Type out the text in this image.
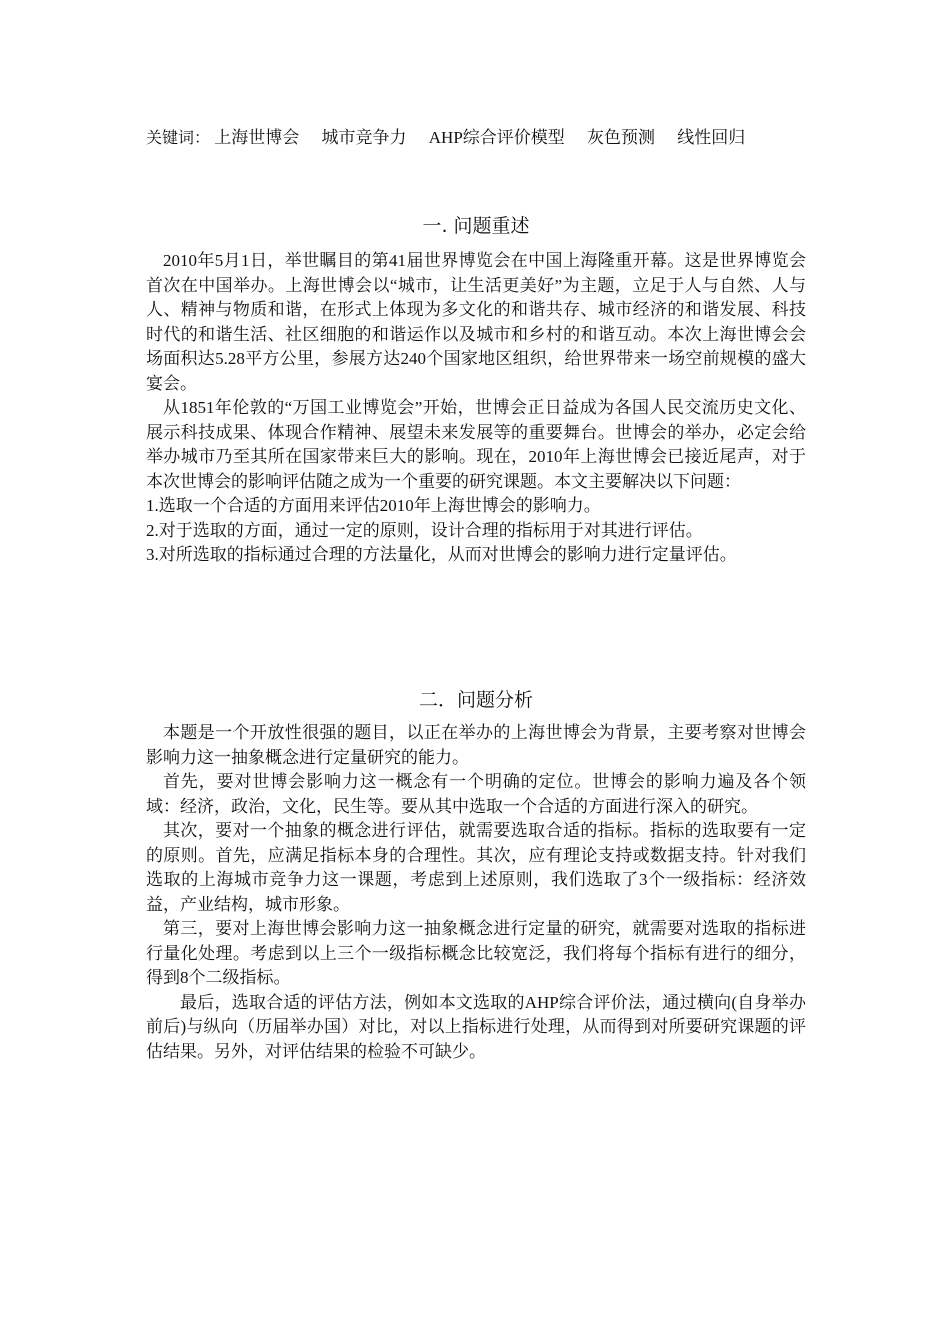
关键词： 上海世博会 城市竞争力 AHP综合评价模型 灰色预测 线性回归
一. 问题重述

2010年5月1日，举世瞩目的第41届世界博览会在中国上海隆重开幕。这是世界博览会首次在中国举办。上海世博会以“城市，让生活更美好”为主题，立足于人与自然、人与人、精神与物质和谐，在形式上体现为多文化的和谐共存、城市经济的和谐发展、科技时代的和谐生活、社区细胞的和谐运作以及城市和乡村的和谐互动。本次上海世博会会场面积达5.28平方公里，参展方达240个国家地区组织，给世界带来一场空前规模的盛大宴会。

从1851年伦敦的“万国工业博览会”开始，世博会正日益成为各国人民交流历史文化、展示科技成果、体现合作精神、展望未来发展等的重要舞台。世博会的举办，必定会给举办城市乃至其所在国家带来巨大的影响。现在，2010年上海世博会已接近尾声，对于本次世博会的影响评估随之成为一个重要的研究课题。本文主要解决以下问题：

1.选取一个合适的方面用来评估2010年上海世博会的影响力。

2.对于选取的方面，通过一定的原则，设计合理的指标用于对其进行评估。

3.对所选取的指标通过合理的方法量化，从而对世博会的影响力进行定量评估。

二．问题分析

本题是一个开放性很强的题目，以正在举办的上海世博会为背景，主要考察对世博会影响力这一抽象概念进行定量研究的能力。

首先，要对世博会影响力这一概念有一个明确的定位。世博会的影响力遍及各个领域：经济，政治，文化，民生等。要从其中选取一个合适的方面进行深入的研究。

其次，要对一个抽象的概念进行评估，就需要选取合适的指标。指标的选取要有一定的原则。首先，应满足指标本身的合理性。其次，应有理论支持或数据支持。针对我们选取的上海城市竞争力这一课题，考虑到上述原则，我们选取了3个一级指标：经济效益，产业结构，城市形象。

第三，要对上海世博会影响力这一抽象概念进行定量的研究，就需要对选取的指标进行量化处理。考虑到以上三个一级指标概念比较宽泛，我们将每个指标有进行的细分，得到8个二级指标。

最后，选取合适的评估方法，例如本文选取的AHP综合评价法，通过横向(自身举办前后)与纵向（历届举办国）对比，对以上指标进行处理，从而得到对所要研究课题的评估结果。另外，对评估结果的检验不可缺少。
